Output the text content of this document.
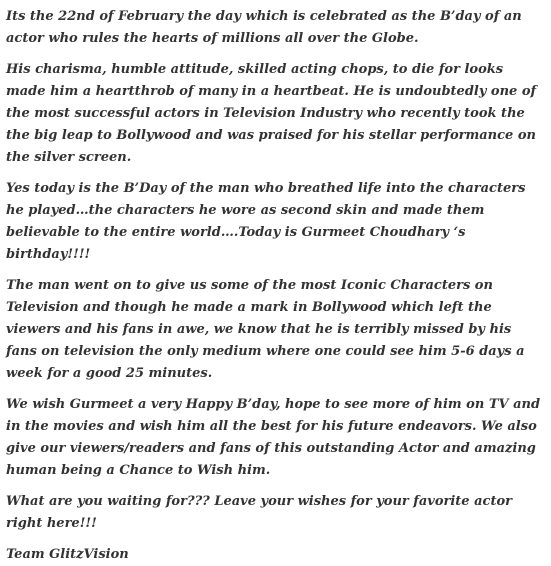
Its the 22nd of February the day which is celebrated as the B’day of an actor who rules the hearts of millions all over the Globe.

His charisma, humble attitude, skilled acting chops, to die for looks made him a heartthrob of many in a heartbeat. He is undoubtedly one of the most successful actors in Television Industry who recently took the the big leap to Bollywood and was praised for his stellar performance on the silver screen.

Yes today is the B’Day of the man who breathed life into the characters he played…the characters he wore as second skin and made them believable to the entire world….Today is Gurmeet Choudhary ‘s birthday!!!!

The man went on to give us some of the most Iconic Characters on Television and though he made a mark in Bollywood which left the viewers and his fans in awe, we know that he is terribly missed by his fans on television the only medium where one could see him 5-6 days a week for a good 25 minutes.

We wish Gurmeet a very Happy B’day, hope to see more of him on TV and in the movies and wish him all the best for his future endeavors. We also give our viewers/readers and fans of this outstanding Actor and amazing human being a Chance to Wish him.

What are you waiting for??? Leave your wishes for your favorite actor right here!!!

Team GlitzVision
